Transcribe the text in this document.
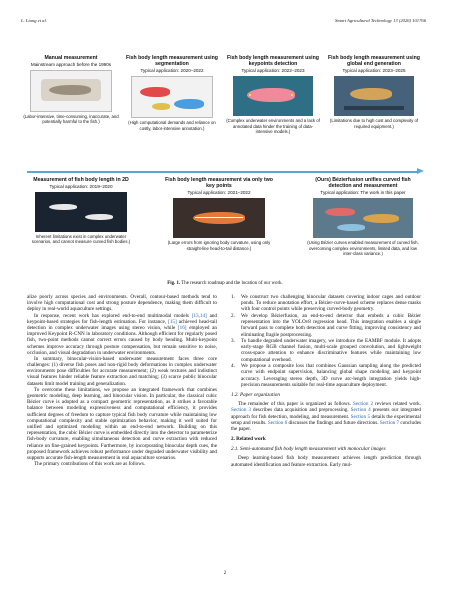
L. Liang et al.	Smart Agricultural Technology 13 (2026) 101766
Manual measurement
Mainstream approach before the 1990s
(Labor-intensive, time-consuming, inaccurate, and potentially harmful to the fish.)
Fish body length measurement using segmentation
Typical application: 2020–2022
(High computational demands and reliance on costly, labor-intensive annotation.)
Fish body length measurement using keypoints detection
Typical application: 2022–2023
(Complex underwater environments and a lack of annotated data hinder the training of data-intensive models.)
Fish body length measurement using global end generation
Typical application: 2023–2025
(Limitations due to high cost and complexity of required equipment.)
Measurement of fish body length in 2D
Typical application: 2019–2020
Inherent limitations exist in complex underwater scenarios, and cannot measure curved fish bodies.)
Fish body length measurement via only two key points
Typical application: 2021–2022
(Large errors from ignoring body curvature, using only straight-line head-to-tail distance.)
(Ours) Bézierfusion unifies curved fish detection and measurement
Typical application: The work in this paper
(Using Bézier curves enabled measurement of curved fish, overcoming complex environments, limited data, and low inter-class variance.)
Fig. 1. The research roadmap and the location of our work.

alize poorly across species and environments. Overall, contour-based methods tend to involve high computational cost and strong posture dependence, making them difficult to deploy in real-world aquaculture settings.

In response, recent work has explored end-to-end multimodal models [13,14] and keypoint-based strategies for fish-length estimation. For instance, [15] achieved head-tail detection in complex underwater images using stereo vision, while [16] employed an improved Keypoint R-CNN in laboratory conditions. Although efficient for regularly posed fish, two-point methods cannot correct errors caused by body bending. Multi-keypoint schemes improve accuracy through posture compensation, but remain sensitive to noise, occlusion, and visual degradation in underwater environments.

In summary, binocular-vision-based underwater measurement faces three core challenges: (1) diverse fish poses and non-rigid body deformations in complex underwater environments pose difficulties for accurate measurement; (2) weak textures and indistinct visual features hinder reliable feature extraction and matching; (3) scarce public binocular datasets limit model training and generalization.

To overcome these limitations, we propose an integrated framework that combines geometric modeling, deep learning, and binocular vision. In particular, the classical cubic Bézier curve is adopted as a compact geometric representation, as it strikes a favorable balance between modeling expressiveness and computational efficiency, it provides sufficient degrees of freedom to capture typical fish body curvature while maintaining low computational complexity and stable optimization behavior, making it well suited for unified and optimized modeling within an end-to-end network. Building on this representation, the cubic Bézier curve is embedded directly into the detector to parameterize fish-body curvature, enabling simultaneous detection and curve extraction with reduced reliance on fine-grained keypoints. Furthermore, by incorporating binocular depth cues, the proposed framework achieves robust performance under degraded underwater visibility and supports accurate fish-length measurement in real aquaculture scenarios.

The primary contributions of this work are as follows.

1. We construct two challenging binocular datasets covering indoor cages and outdoor ponds. To reduce annotation effort, a Bézier-curve-based scheme replaces dense masks with four control points while preserving curved-body geometry.
2. We develop Bézierfusion, an end-to-end detector that embeds a cubic Bézier representation into the YOLOv8 regression head. This integration enables a single forward pass to complete both detection and curve fitting, improving consistency and eliminating fragile postprocessing.
3. To handle degraded underwater imagery, we introduce the EAMBF module. It adopts early-stage RGB channel fusion, multi-scale grouped convolution, and lightweight cross-space attention to enhance discriminative features while maintaining low computational overhead.
4. We propose a composite loss that combines Gaussian sampling along the predicted curve with endpoint supervision, balancing global shape modeling and keypoint accuracy. Leveraging stereo depth, 3D curve arc-length integration yields high-precision measurements suitable for real-time aquaculture deployment.
1.2. Paper organization

The remainder of this paper is organized as follows. Section 2 reviews related work. Section 3 describes data acquisition and preprocessing. Section 4 presents our integrated approach for fish detection, modeling, and measurement. Section 5 details the experimental setup and results. Section 6 discusses the findings and future directions. Section 7 concludes the paper.

2. Related work
2.1. Semi-automated fish body length measurement with monocular images

Deep learning-based fish body measurement achieves length prediction through automated identification and feature extraction. Early mul-

2
